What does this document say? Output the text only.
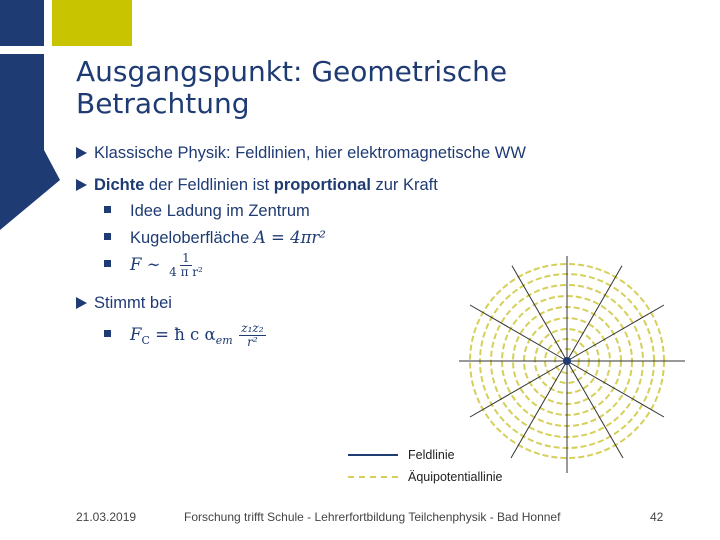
Ausgangspunkt: Geometrische Betrachtung
Klassische Physik: Feldlinien, hier elektromagnetische WW
Dichte der Feldlinien ist proportional zur Kraft
Idee Ladung im Zentrum
Kugeloberfläche A = 4πr²
F ∼ $\frac{1}{\text{4 π r²}}$
Stimmt bei
$F_C$ = ħ c $\alpha_{em} \frac{\text{z₁z₂}}{\text{r²}}$
Feldlinie
Äquipotentiallinie
21.03.2019	Forschung trifft Schule - Lehrerfortbildung Teilchenphysik - Bad Honnef	42
